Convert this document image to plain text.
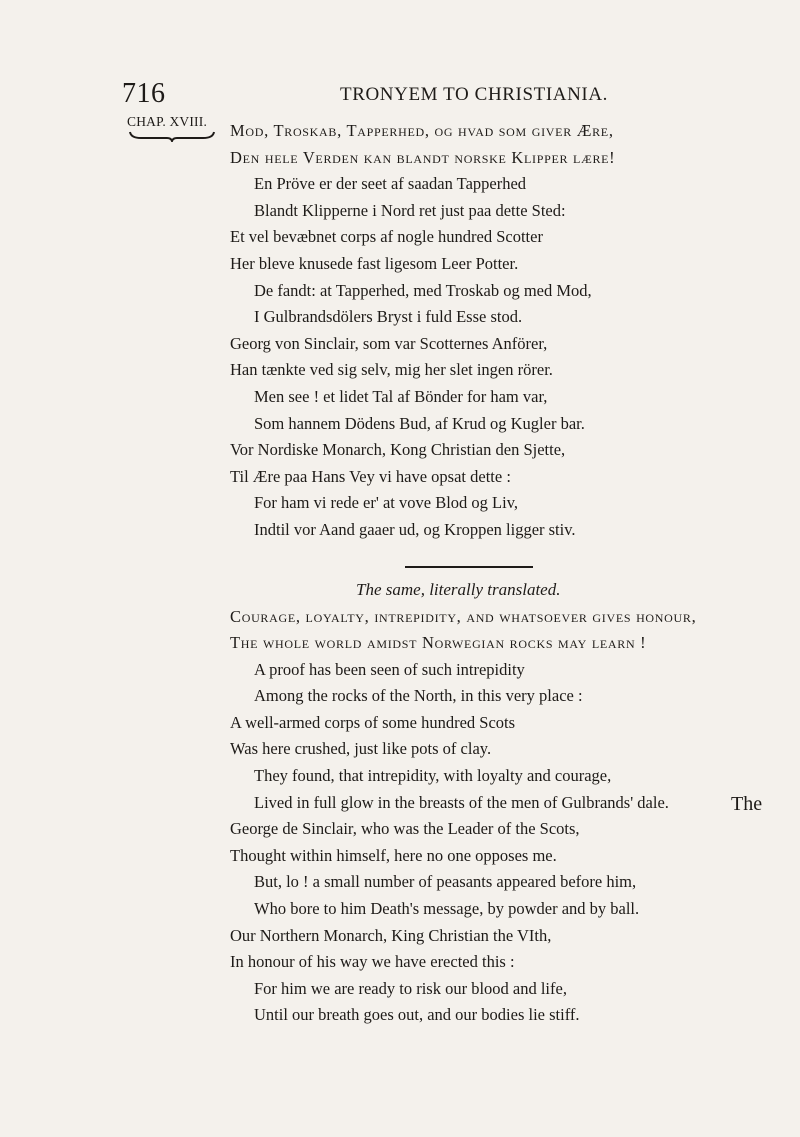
716	TRONYEM TO CHRISTIANIA.
CHAP. XVIII. Mod, Troskab, Tapperhed, og hvad som giver Ære,
Den hele Verden kan blandt norske Klipper lære!
En Pröve er der seet af saadan Tapperhed
Blandt Klipperne i Nord ret just paa dette Sted:
Et vel bevæbnet corps af nogle hundred Scotter
Her bleve knusede fast ligesom Leer Potter.
De fandt: at Tapperhed, med Troskab og med Mod,
I Gulbrandsdölers Bryst i fuld Esse stod.
Georg von Sinclair, som var Scotternes Anförer,
Han tænkte ved sig selv, mig her slet ingen rörer.
Men see ! et lidet Tal af Bönder for ham var,
Som hannem Dödens Bud, af Krud og Kugler bar.
Vor Nordiske Monarch, Kong Christian den Sjette,
Til Ære paa Hans Vey vi have opsat dette :
For ham vi rede er' at vove Blod og Liv,
Indtil vor Aand gaaer ud, og Kroppen ligger stiv.
The same, literally translated.
Courage, loyalty, intrepidity, and whatsoever gives honour,
The whole world amidst Norwegian rocks may learn !
A proof has been seen of such intrepidity
Among the rocks of the North, in this very place :
A well-armed corps of some hundred Scots
Was here crushed, just like pots of clay.
They found, that intrepidity, with loyalty and courage,
Lived in full glow in the breasts of the men of Gulbrands' dale.
George de Sinclair, who was the Leader of the Scots,
Thought within himself, here no one opposes me.
But, lo ! a small number of peasants appeared before him,
Who bore to him Death's message, by powder and by ball.
Our Northern Monarch, King Christian the VIth,
In honour of his way we have erected this :
For him we are ready to risk our blood and life,
Until our breath goes out, and our bodies lie stiff.
The
